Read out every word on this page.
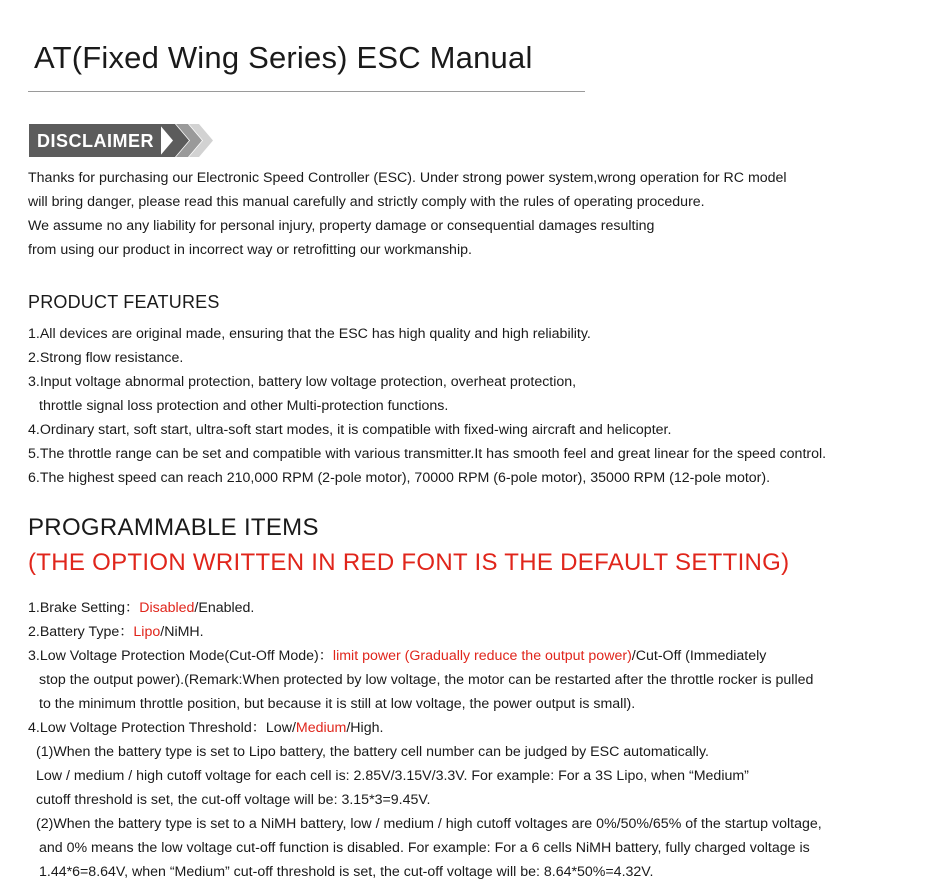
AT(Fixed Wing Series) ESC Manual
DISCLAIMER
Thanks for purchasing our Electronic Speed Controller (ESC). Under strong power system,wrong operation for RC model
will bring danger, please read this manual carefully and strictly comply with the rules of operating procedure.
We assume no any liability for personal injury, property damage or consequential damages resulting
from using our product in incorrect way or retrofitting our workmanship.
PRODUCT FEATURES
1.All devices are original made, ensuring that the ESC has high quality and high reliability.
2.Strong flow resistance.
3.Input voltage abnormal protection, battery low voltage protection, overheat protection,
throttle signal loss protection and other Multi-protection functions.
4.Ordinary start, soft start, ultra-soft start modes, it is compatible with fixed-wing aircraft and helicopter.
5.The throttle range can be set and compatible with various transmitter.It has smooth feel and great linear for the speed control.
6.The highest speed can reach 210,000 RPM (2-pole motor), 70000 RPM (6-pole motor), 35000 RPM (12-pole motor).
PROGRAMMABLE ITEMS
(THE OPTION WRITTEN IN RED FONT IS THE DEFAULT SETTING)
1.Brake Setting：Disabled/Enabled.
2.Battery Type：Lipo/NiMH.
3.Low Voltage Protection Mode(Cut-Off Mode)：limit power (Gradually reduce the output power)/Cut-Off (Immediately
stop the output power).(Remark:When protected by low voltage, the motor can be restarted after the throttle rocker is pulled
to the minimum throttle position, but because it is still at low voltage, the power output is small).
4.Low Voltage Protection Threshold：Low/Medium/High.
(1)When the battery type is set to Lipo battery, the battery cell number can be judged by ESC automatically.
Low / medium / high cutoff voltage for each cell is: 2.85V/3.15V/3.3V. For example: For a 3S Lipo, when “Medium”
cutoff threshold is set, the cut-off voltage will be: 3.15*3=9.45V.
(2)When the battery type is set to a NiMH battery, low / medium / high cutoff voltages are 0%/50%/65% of the startup voltage,
and 0% means the low voltage cut-off function is disabled. For example: For a 6 cells NiMH battery, fully charged voltage is
1.44*6=8.64V, when “Medium” cut-off threshold is set, the cut-off voltage will be: 8.64*50%=4.32V.
